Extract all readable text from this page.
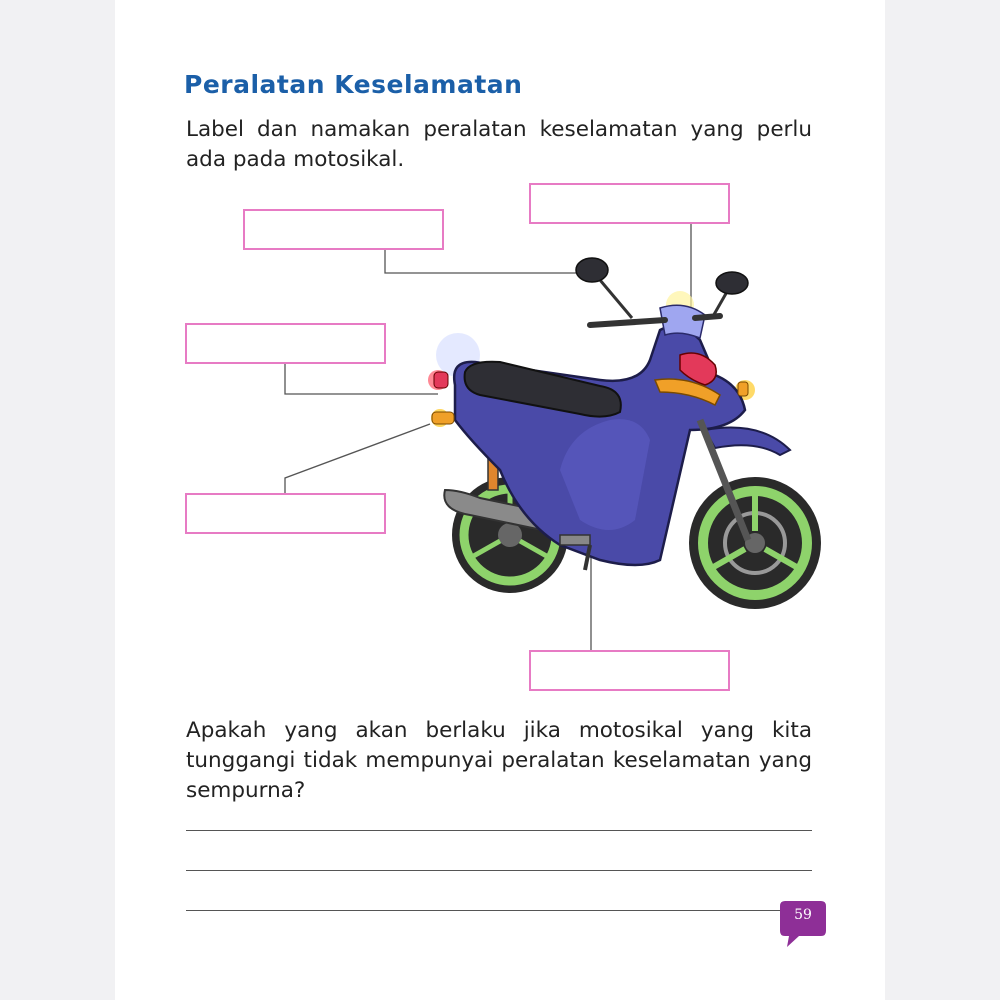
Peralatan Keselamatan

Label dan namakan peralatan keselamatan yang perlu ada pada motosikal.

Apakah yang akan berlaku jika motosikal yang kita tunggangi tidak mempunyai peralatan keselamatan yang sempurna?

59
